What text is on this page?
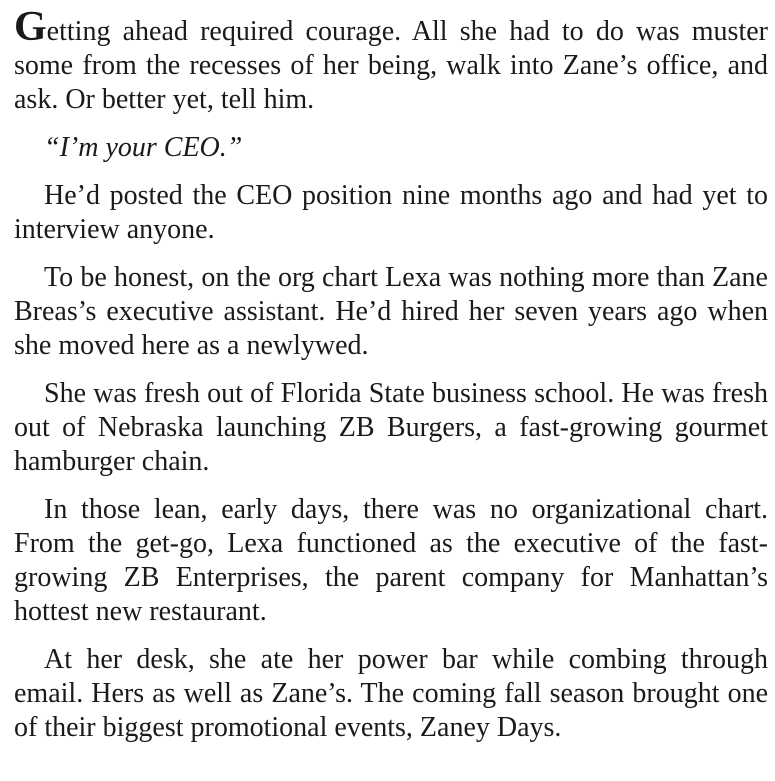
Getting ahead required courage. All she had to do was muster some from the recesses of her being, walk into Zane’s office, and ask. Or better yet, tell him.

“I’m your CEO.”

He’d posted the CEO position nine months ago and had yet to interview anyone.

To be honest, on the org chart Lexa was nothing more than Zane Breas’s executive assistant. He’d hired her seven years ago when she moved here as a newlywed.

She was fresh out of Florida State business school. He was fresh out of Nebraska launching ZB Burgers, a fast-growing gourmet hamburger chain.

In those lean, early days, there was no organizational chart. From the get-go, Lexa functioned as the executive of the fast-growing ZB Enterprises, the parent company for Manhattan’s hottest new restaurant.

At her desk, she ate her power bar while combing through email. Hers as well as Zane’s. The coming fall season brought one of their biggest promotional events, Zaney Days.
